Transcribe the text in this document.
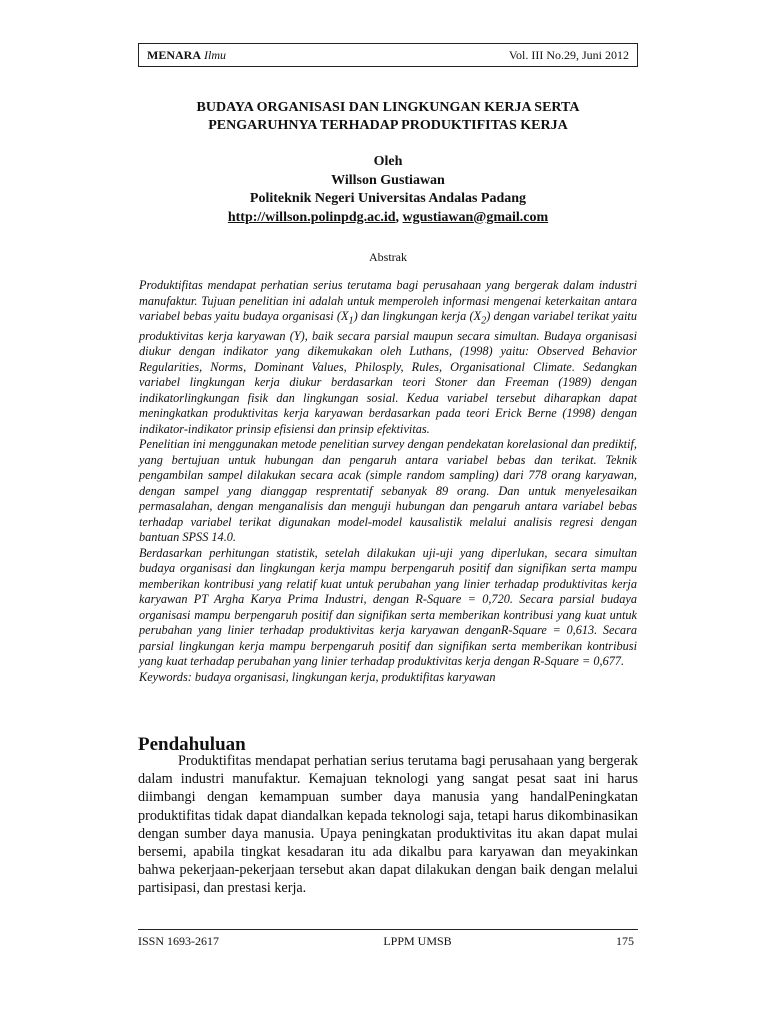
MENARA Ilmu	Vol. III No.29, Juni 2012
BUDAYA ORGANISASI DAN LINGKUNGAN KERJA SERTA
PENGARUHNYA TERHADAP PRODUKTIFITAS KERJA
Oleh
Willson Gustiawan
Politeknik Negeri Universitas Andalas Padang
http://willson.polinpdg.ac.id, wgustiawan@gmail.com
Abstrak

Produktifitas mendapat perhatian serius terutama bagi perusahaan yang bergerak dalam industri manufaktur. Tujuan penelitian ini adalah untuk memperoleh informasi mengenai keterkaitan antara variabel bebas yaitu budaya organisasi $(X_1)$ dan lingkungan kerja $(X_2)$ dengan variabel terikat yaitu produktivitas kerja karyawan (Y), baik secara parsial maupun secara simultan. Budaya organisasi diukur dengan indikator yang dikemukakan oleh Luthans, (1998) yaitu: Observed Behavior Regularities, Norms, Dominant Values, Philosply, Rules, Organisational Climate. Sedangkan variabel lingkungan kerja diukur berdasarkan teori Stoner dan Freeman (1989) dengan indikatorlingkungan fisik dan lingkungan sosial. Kedua variabel tersebut diharapkan dapat meningkatkan produktivitas kerja karyawan berdasarkan pada teori Erick Berne (1998) dengan indikator-indikator prinsip efisiensi dan prinsip efektivitas.

Penelitian ini menggunakan metode penelitian survey dengan pendekatan korelasional dan prediktif, yang bertujuan untuk hubungan dan pengaruh antara variabel bebas dan terikat. Teknik pengambilan sampel dilakukan secara acak (simple random sampling) dari 778 orang karyawan, dengan sampel yang dianggap resprentatif sebanyak 89 orang. Dan untuk menyelesaikan permasalahan, dengan menganalisis dan menguji hubungan dan pengaruh antara variabel bebas terhadap variabel terikat digunakan model-model kausalistik melalui analisis regresi dengan bantuan SPSS 14.0.

Berdasarkan perhitungan statistik, setelah dilakukan uji-uji yang diperlukan, secara simultan budaya organisasi dan lingkungan kerja mampu berpengaruh positif dan signifikan serta mampu memberikan kontribusi yang relatif kuat untuk perubahan yang linier terhadap produktivitas kerja karyawan PT Argha Karya Prima Industri, dengan R-Square = 0,720. Secara parsial budaya organisasi mampu berpengaruh positif dan signifikan serta memberikan kontribusi yang kuat untuk perubahan yang linier terhadap produktivitas kerja karyawan denganR-Square = 0,613. Secara parsial lingkungan kerja mampu berpengaruh positif dan signifikan serta memberikan kontribusi yang kuat terhadap perubahan yang linier terhadap produktivitas kerja dengan R-Square = 0,677.

Keywords: budaya organisasi, lingkungan kerja, produktifitas karyawan

Pendahuluan

Produktifitas mendapat perhatian serius terutama bagi perusahaan yang bergerak dalam industri manufaktur. Kemajuan teknologi yang sangat pesat saat ini harus diimbangi dengan kemampuan sumber daya manusia yang handalPeningkatan produktifitas tidak dapat diandalkan kepada teknologi saja, tetapi harus dikombinasikan dengan sumber daya manusia. Upaya peningkatan produktivitas itu akan dapat mulai bersemi, apabila tingkat kesadaran itu ada dikalbu para karyawan dan meyakinkan bahwa pekerjaan-pekerjaan tersebut akan dapat dilakukan dengan baik dengan melalui partisipasi, dan prestasi kerja.

ISSN 1693-2617	LPPM UMSB	175
